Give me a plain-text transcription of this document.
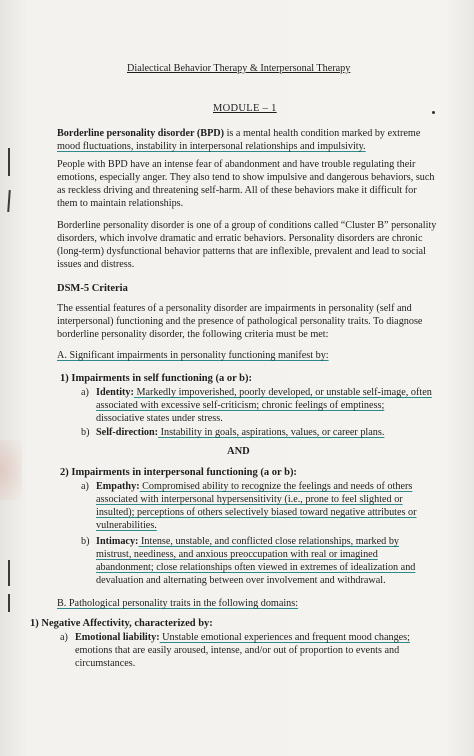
Dialectical Behavior Therapy & Interpersonal Therapy
MODULE – 1
Borderline personality disorder (BPD) is a mental health condition marked by extreme
mood fluctuations, instability in interpersonal relationships and impulsivity.
People with BPD have an intense fear of abandonment and have trouble regulating their
emotions, especially anger. They also tend to show impulsive and dangerous behaviors, such
as reckless driving and threatening self-harm. All of these behaviors make it difficult for
them to maintain relationships.
Borderline personality disorder is one of a group of conditions called “Cluster B” personality
disorders, which involve dramatic and erratic behaviors. Personality disorders are chronic
(long-term) dysfunctional behavior patterns that are inflexible, prevalent and lead to social
issues and distress.
DSM-5 Criteria
The essential features of a personality disorder are impairments in personality (self and
interpersonal) functioning and the presence of pathological personality traits. To diagnose
borderline personality disorder, the following criteria must be met:
A. Significant impairments in personality functioning manifest by:
1) Impairments in self functioning (a or b):
a) Identity: Markedly impoverished, poorly developed, or unstable self-image, often
associated with excessive self-criticism; chronic feelings of emptiness;
dissociative states under stress.
b) Self-direction: Instability in goals, aspirations, values, or career plans.
AND
2) Impairments in interpersonal functioning (a or b):
a) Empathy: Compromised ability to recognize the feelings and needs of others
associated with interpersonal hypersensitivity (i.e., prone to feel slighted or
insulted); perceptions of others selectively biased toward negative attributes or
vulnerabilities.
b) Intimacy: Intense, unstable, and conflicted close relationships, marked by
mistrust, neediness, and anxious preoccupation with real or imagined
abandonment; close relationships often viewed in extremes of idealization and
devaluation and alternating between over involvement and withdrawal.
B. Pathological personality traits in the following domains:
1) Negative Affectivity, characterized by:
a) Emotional liability: Unstable emotional experiences and frequent mood changes;
emotions that are easily aroused, intense, and/or out of proportion to events and
circumstances.
